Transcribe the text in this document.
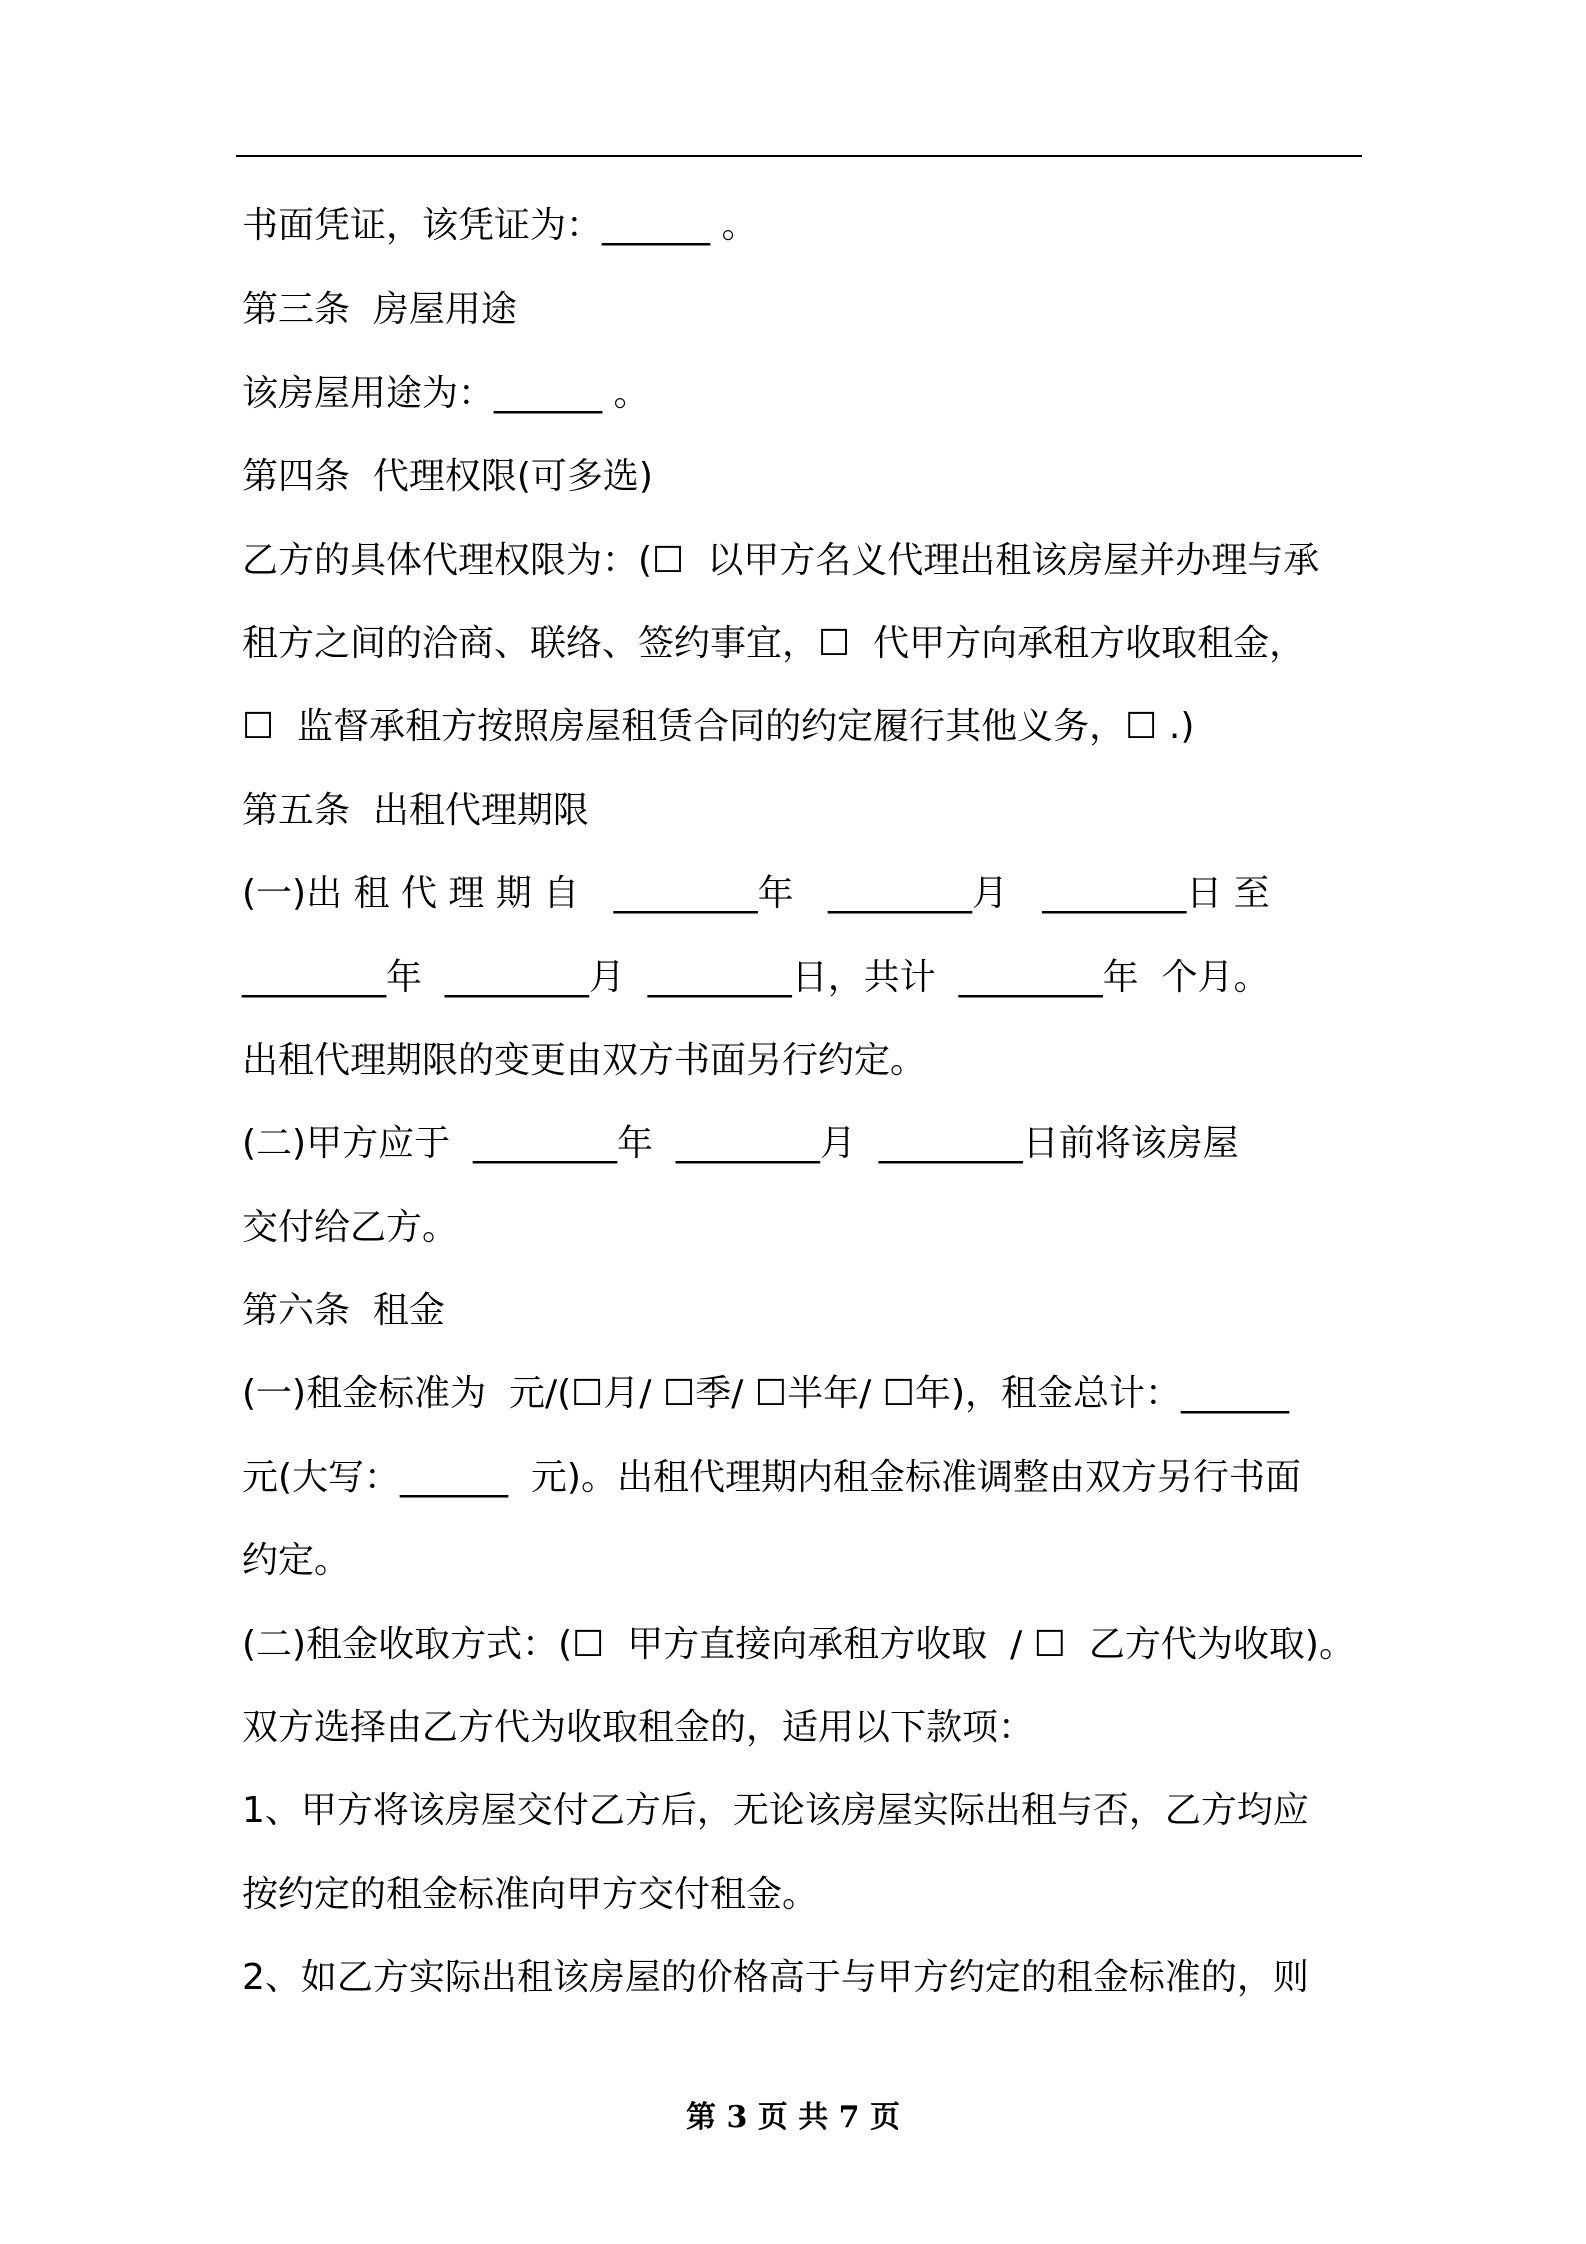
书面凭证，该凭证为：______ 。
第三条  房屋用途
该房屋用途为：______ 。
第四条  代理权限(可多选)
乙方的具体代理权限为：(☐  以甲方名义代理出租该房屋并办理与承
租方之间的洽商、联络、签约事宜，☐  代甲方向承租方收取租金，
☐  监督承租方按照房屋租赁合同的约定履行其他义务，☐ .)
第五条  出租代理期限
(一)出 租 代 理 期 自   ________年   ________月   ________日 至
________年  ________月  ________日，共计  ________年  个月。
出租代理期限的变更由双方书面另行约定。
(二)甲方应于  ________年  ________月  ________日前将该房屋
交付给乙方。
第六条  租金
(一)租金标准为  元/(☐月/ ☐季/ ☐半年/ ☐年)，租金总计：______
元(大写：______  元)。出租代理期内租金标准调整由双方另行书面
约定。
(二)租金收取方式：(☐  甲方直接向承租方收取  / ☐  乙方代为收取)。
双方选择由乙方代为收取租金的，适用以下款项：
1、甲方将该房屋交付乙方后，无论该房屋实际出租与否，乙方均应
按约定的租金标准向甲方交付租金。
2、如乙方实际出租该房屋的价格高于与甲方约定的租金标准的，则
第 3 页 共 7 页
